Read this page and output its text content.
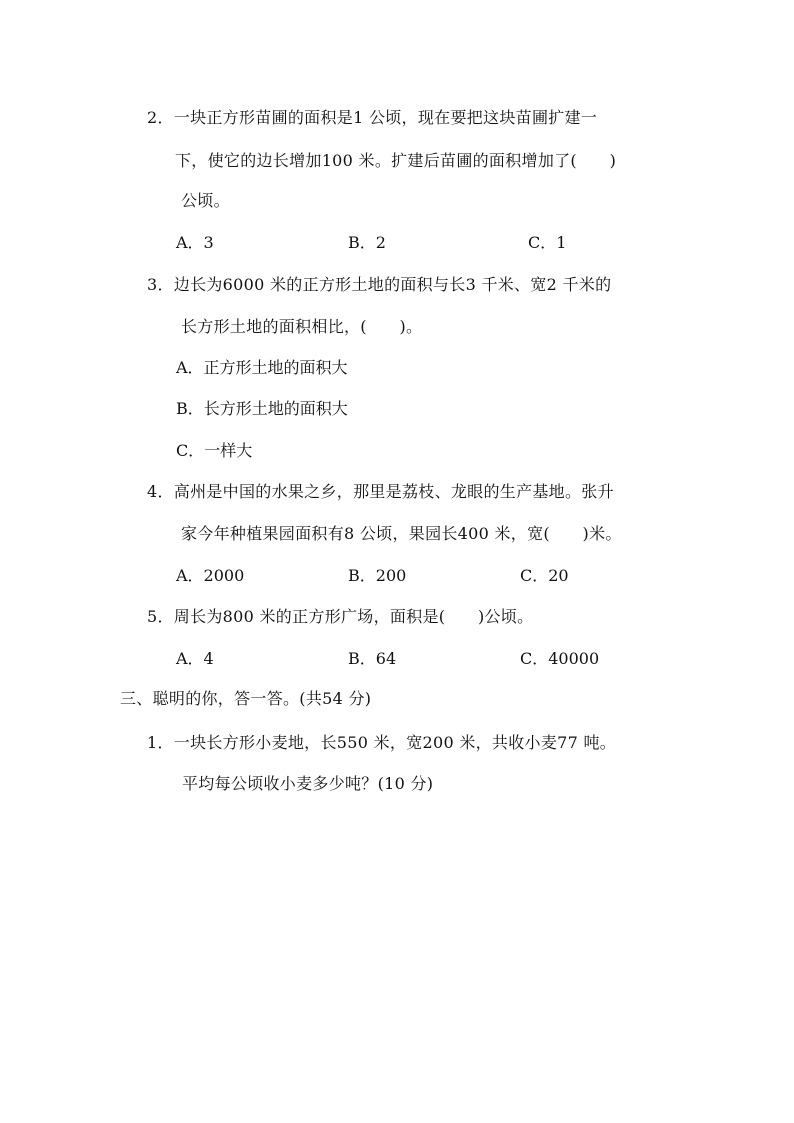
2．一块正方形苗圃的面积是1 公顷，现在要把这块苗圃扩建一
下，使它的边长增加100 米。扩建后苗圃的面积增加了(　　)
公顷。
A．3	B．2	C．1
3．边长为6000 米的正方形土地的面积与长3 千米、宽2 千米的
长方形土地的面积相比，(　　)。
A．正方形土地的面积大
B．长方形土地的面积大
C．一样大
4．高州是中国的水果之乡，那里是荔枝、龙眼的生产基地。张升
家今年种植果园面积有8 公顷，果园长400 米，宽(　　)米。
A．2000	B．200	C．20
5．周长为800 米的正方形广场，面积是(　　)公顷。
A．4	B．64	C．40000
三、聪明的你，答一答。(共54 分)
1．一块长方形小麦地，长550 米，宽200 米，共收小麦77 吨。
平均每公顷收小麦多少吨？(10 分)
